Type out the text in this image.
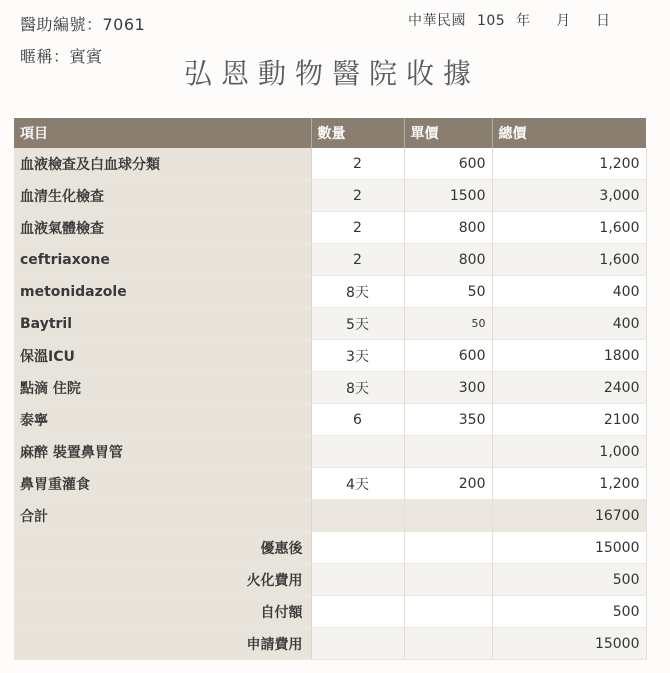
醫助編號：7061
暱稱：賓賓
中華民國 105 年　 月　 日
弘恩動物醫院收據
項目	數量	單價	總價
血液檢查及白血球分類	2	600	1,200
血清生化檢查	2	1500	3,000
血液氣體檢查	2	800	1,600
ceftriaxone	2	800	1,600
metonidazole	8天	50	400
Baytril	5天	50	400
保溫ICU	3天	600	1800
點滴 住院	8天	300	2400
泰寧	6	350	2100
麻醉 裝置鼻胃管			1,000
鼻胃重灌食	4天	200	1,200
合計			16700
優惠後			15000
火化費用			500
自付額			500
申請費用			15000
